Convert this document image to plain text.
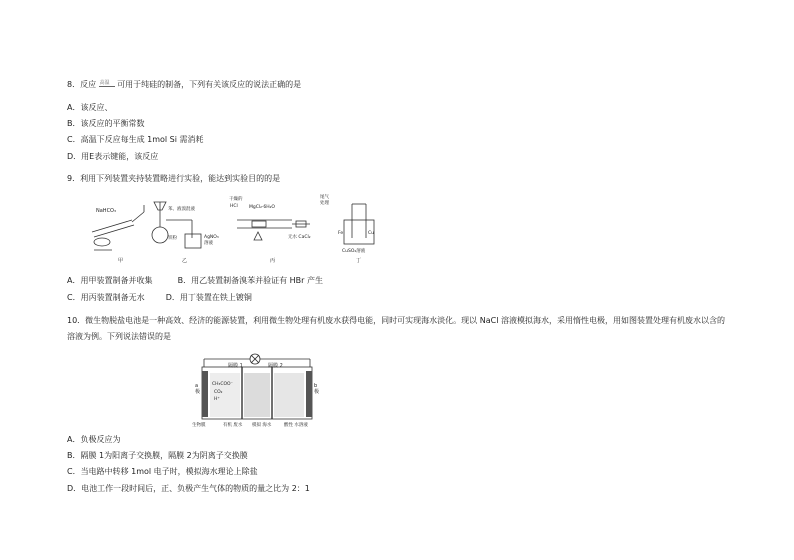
8．反应 高温 可用于纯硅的制备，下列有关该反应的说法正确的是
A．该反应、
B．该反应的平衡常数
C．高温下反应每生成 1mol Si 需消耗
D．用E表示键能，该反应
9．利用下列装置夹持装置略进行实验，能达到实验目的的是
NaHCO₃	苯、液溴混液
铁粉	AgNO₃
溶液
干燥的
HCl MgCl₂·6H₂O
无水 CaCl₂
尾气
处理
Fe	Cu
CuSO₄溶液
甲	乙	丙	丁
A．用甲装置制备并收集	B．用乙装置制备溴苯并验证有 HBr 产生
C．用丙装置制备无水	D．用丁装置在铁上镀铜
10．微生物脱盐电池是一种高效、经济的能源装置，利用微生物处理有机废水获得电能，同时可实现海水淡化。现以 NaCl 溶液模拟海水，采用惰性电极，用如图装置处理有机废水以含的
溶液为例。下列说法错误的是
隔膜 1	隔膜 2
a
极
b
极
CH₃COO⁻
CO₂
H⁺
生物膜	有机 废水 模拟 海水	酸性 水溶液
A．负极反应为
B．隔膜 1为阳离子交换膜，隔膜 2为阴离子交换膜
C．当电路中转移 1mol 电子时，模拟海水理论上除盐
D．电池工作一段时间后，正、负极产生气体的物质的量之比为 2：1
